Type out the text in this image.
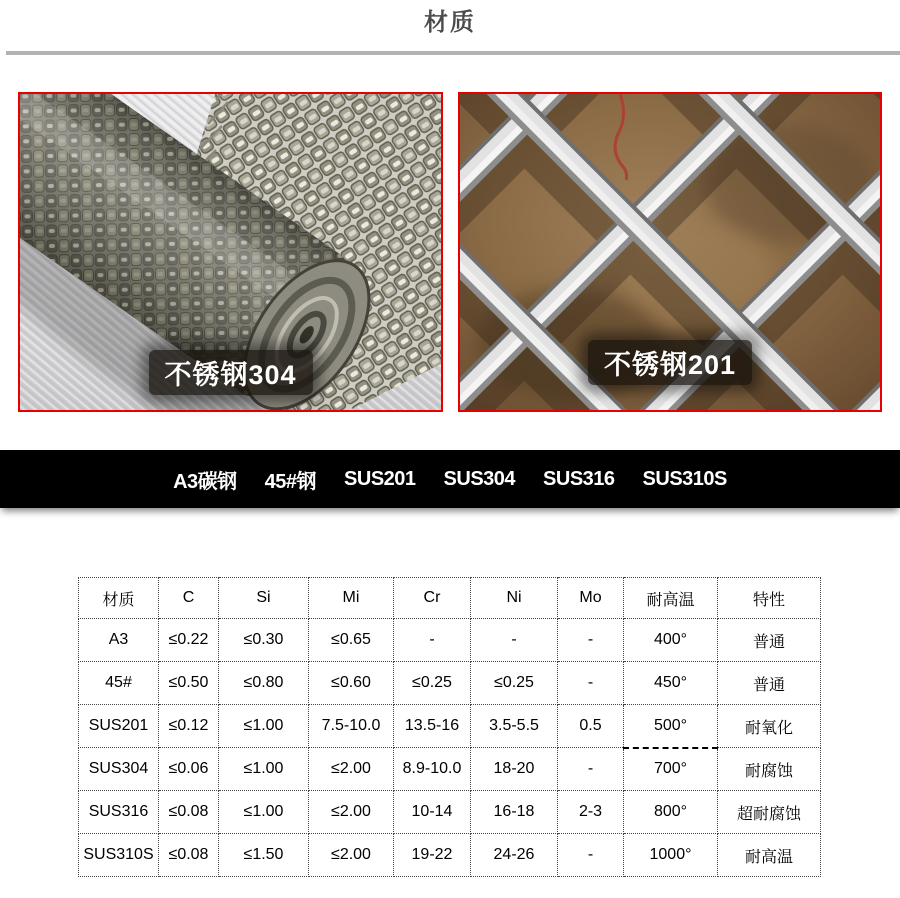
材质
不锈钢304	不锈钢201
A3碳钢 45#钢 SUS201 SUS304 SUS316 SUS310S
材质	C	Si	Mi	Cr	Ni	Mo	耐高温	特性
A3	≤0.22	≤0.30	≤0.65	-	-	-	400°	普通
45#	≤0.50	≤0.80	≤0.60	≤0.25	≤0.25	-	450°	普通
SUS201	≤0.12	≤1.00	7.5-10.0	13.5-16	3.5-5.5	0.5	500°	耐氧化
SUS304	≤0.06	≤1.00	≤2.00	8.9-10.0	18-20	-	700°	耐腐蚀
SUS316	≤0.08	≤1.00	≤2.00	10-14	16-18	2-3	800°	超耐腐蚀
SUS310S	≤0.08	≤1.50	≤2.00	19-22	24-26	-	1000°	耐高温
